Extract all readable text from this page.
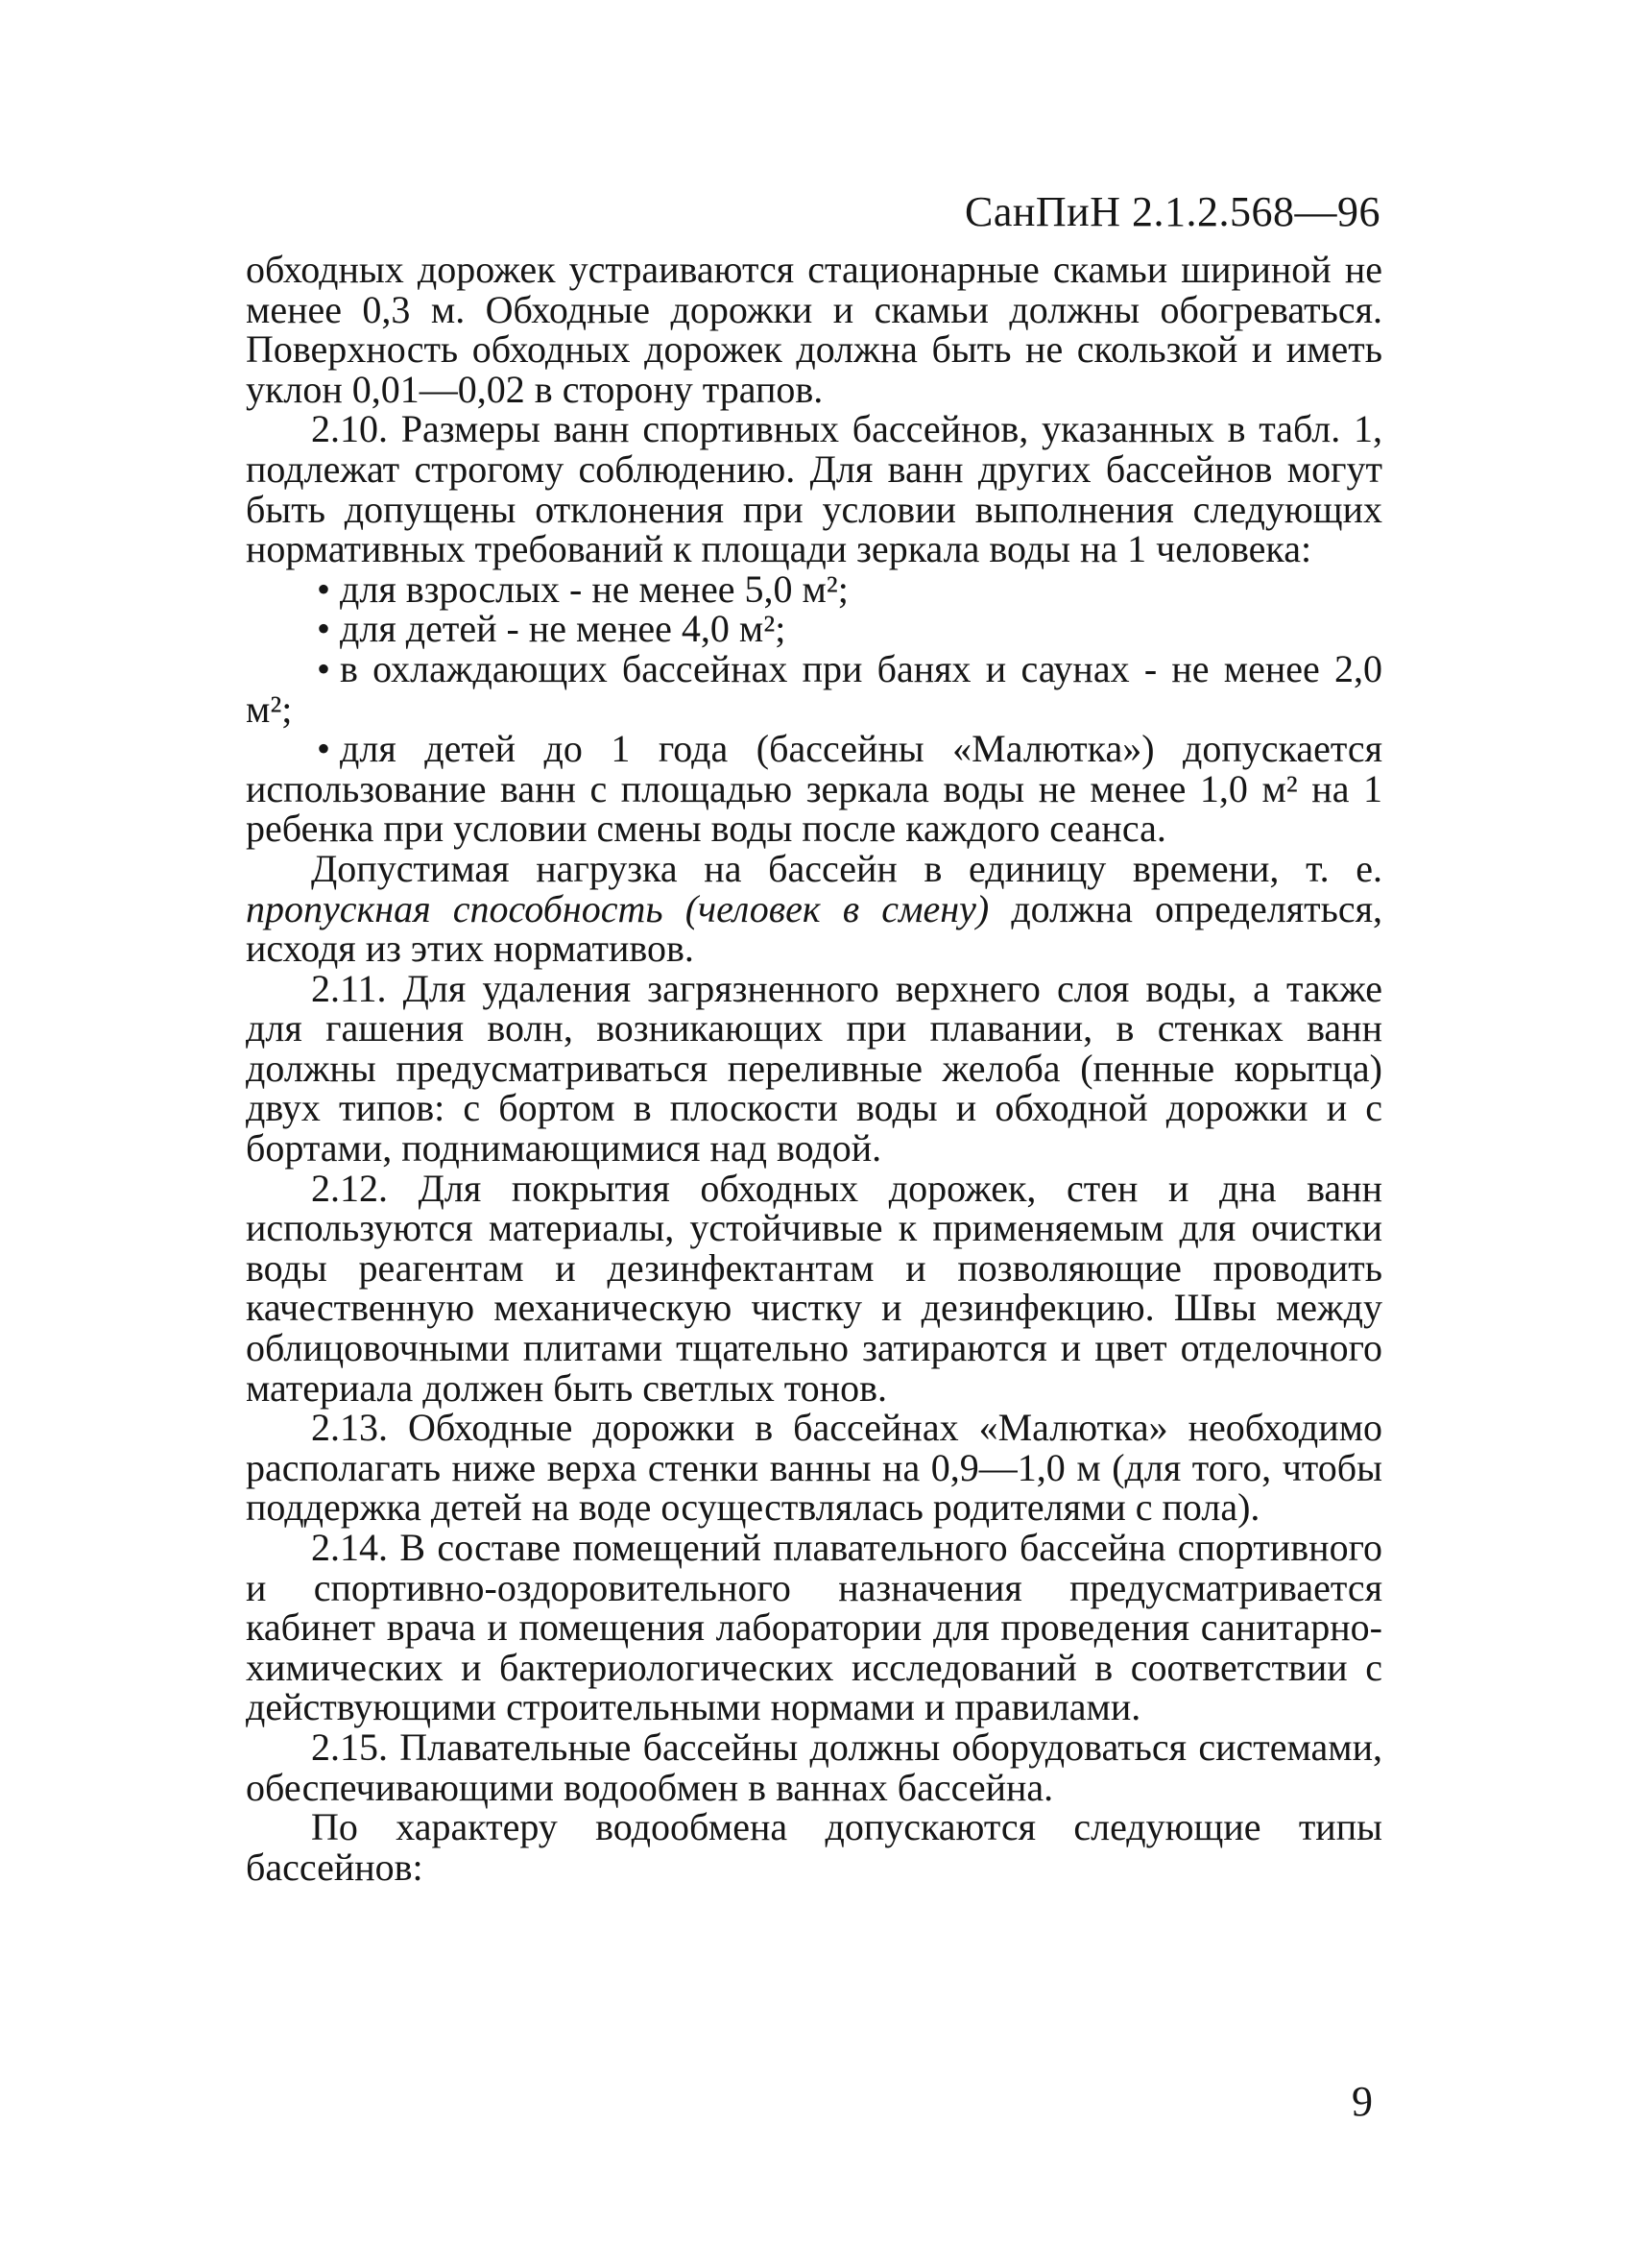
СанПиН 2.1.2.568—96

обходных дорожек устраиваются стационарные скамьи шириной не менее 0,3 м. Обходные дорожки и скамьи должны обогреваться. Поверхность обходных дорожек должна быть не скользкой и иметь уклон 0,01—0,02 в сторону трапов.

2.10. Размеры ванн спортивных бассейнов, указанных в табл. 1, подлежат строгому соблюдению. Для ванн других бассейнов могут быть допущены отклонения при условии выполнения следующих нормативных требований к площади зеркала воды на 1 человека:

• для взрослых - не менее 5,0 м²;

• для детей - не менее 4,0 м²;

• в охлаждающих бассейнах при банях и саунах - не менее 2,0 м²;

• для детей до 1 года (бассейны «Малютка») допускается использование ванн с площадью зеркала воды не менее 1,0 м² на 1 ребенка при условии смены воды после каждого сеанса.

Допустимая нагрузка на бассейн в единицу времени, т. е. пропускная способность (человек в смену) должна определяться, исходя из этих нормативов.

2.11. Для удаления загрязненного верхнего слоя воды, а также для гашения волн, возникающих при плавании, в стенках ванн должны предусматриваться переливные желоба (пенные корытца) двух типов: с бортом в плоскости воды и обходной дорожки и с бортами, поднимающимися над водой.

2.12. Для покрытия обходных дорожек, стен и дна ванн используются материалы, устойчивые к применяемым для очистки воды реагентам и дезинфектантам и позволяющие проводить качественную механическую чистку и дезинфекцию. Швы между облицовочными плитами тщательно затираются и цвет отделочного материала должен быть светлых тонов.

2.13. Обходные дорожки в бассейнах «Малютка» необходимо располагать ниже верха стенки ванны на 0,9—1,0 м (для того, чтобы поддержка детей на воде осуществлялась родителями с пола).

2.14. В составе помещений плавательного бассейна спортивного и спортивно-оздоровительного назначения предусматривается кабинет врача и помещения лаборатории для проведения санитарно-химических и бактериологических исследований в соответствии с действующими строительными нормами и правилами.

2.15. Плавательные бассейны должны оборудоваться системами, обеспечивающими водообмен в ваннах бассейна.

По характеру водообмена допускаются следующие типы бассейнов:

9
